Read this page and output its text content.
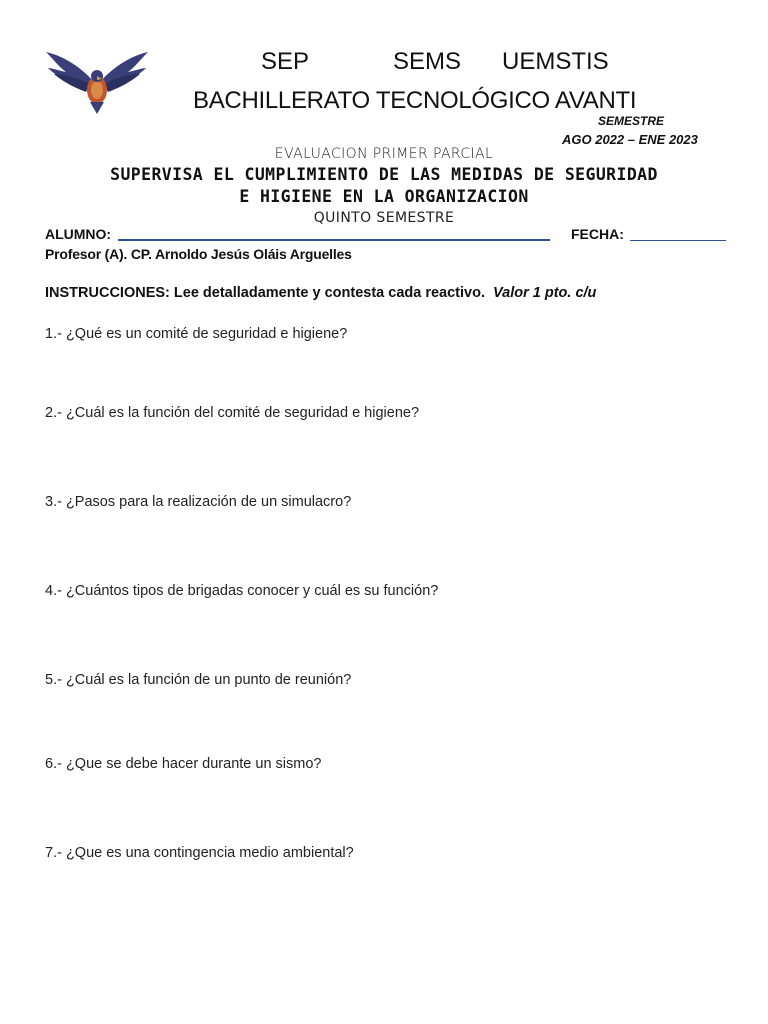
SEP	SEMS UEMSTIS
BACHILLERATO TECNOLÓGICO AVANTI
SEMESTRE
AGO 2022 – ENE 2023
EVALUACION PRIMER PARCIAL
SUPERVISA EL CUMPLIMIENTO DE LAS MEDIDAS DE SEGURIDAD
E HIGIENE EN LA ORGANIZACION
QUINTO SEMESTRE
ALUMNO:	FECHA:
Profesor (A). CP. Arnoldo Jesús Oláis Arguelles
INSTRUCCIONES: Lee detalladamente y contesta cada reactivo. Valor 1 pto. c/u
1.- ¿Qué es un comité de seguridad e higiene?
2.- ¿Cuál es la función del comité de seguridad e higiene?
3.- ¿Pasos para la realización de un simulacro?
4.- ¿Cuántos tipos de brigadas conocer y cuál es su función?
5.- ¿Cuál es la función de un punto de reunión?
6.- ¿Que se debe hacer durante un sismo?
7.- ¿Que es una contingencia medio ambiental?
